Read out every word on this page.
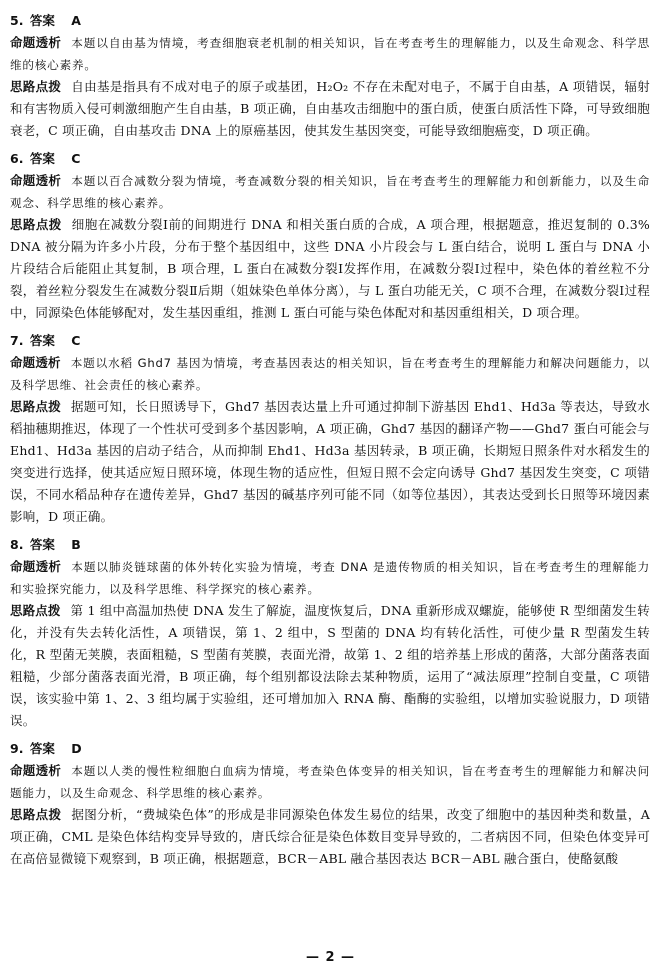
5. 答案 A
命题透析 本题以自由基为情境，考查细胞衰老机制的相关知识，旨在考查考生的理解能力，以及生命观念、科学思维的核心素养。
思路点拨 自由基是指具有不成对电子的原子或基团，H₂O₂ 不存在未配对电子，不属于自由基，A 项错误，辐射和有害物质入侵可刺激细胞产生自由基，B 项正确，自由基攻击细胞中的蛋白质，使蛋白质活性下降，可导致细胞衰老，C 项正确，自由基攻击 DNA 上的原癌基因，使其发生基因突变，可能导致细胞癌变，D 项正确。
6. 答案 C
命题透析 本题以百合减数分裂为情境，考查减数分裂的相关知识，旨在考查考生的理解能力和创新能力，以及生命观念、科学思维的核心素养。
思路点拨 细胞在减数分裂Ⅰ前的间期进行 DNA 和相关蛋白质的合成，A 项合理，根据题意，推迟复制的 0.3% DNA 被分隔为许多小片段，分布于整个基因组中，这些 DNA 小片段会与 L 蛋白结合，说明 L 蛋白与 DNA 小片段结合后能阻止其复制，B 项合理，L 蛋白在减数分裂Ⅰ发挥作用，在减数分裂Ⅰ过程中，染色体的着丝粒不分裂，着丝粒分裂发生在减数分裂Ⅱ后期（姐妹染色单体分离），与 L 蛋白功能无关，C 项不合理，在减数分裂Ⅰ过程中，同源染色体能够配对，发生基因重组，推测 L 蛋白可能与染色体配对和基因重组相关，D 项合理。
7. 答案 C
命题透析 本题以水稻 Ghd7 基因为情境，考查基因表达的相关知识，旨在考查考生的理解能力和解决问题能力，以及科学思维、社会责任的核心素养。
思路点拨 据题可知，长日照诱导下，Ghd7 基因表达量上升可通过抑制下游基因 Ehd1、Hd3a 等表达，导致水稻抽穗期推迟，体现了一个性状可受到多个基因影响，A 项正确，Ghd7 基因的翻译产物——Ghd7 蛋白可能会与 Ehd1、Hd3a 基因的启动子结合，从而抑制 Ehd1、Hd3a 基因转录，B 项正确，长期短日照条件对水稻发生的突变进行选择，使其适应短日照环境，体现生物的适应性，但短日照不会定向诱导 Ghd7 基因发生突变，C 项错误，不同水稻品种存在遗传差异，Ghd7 基因的碱基序列可能不同（如等位基因），其表达受到长日照等环境因素影响，D 项正确。
8. 答案 B
命题透析 本题以肺炎链球菌的体外转化实验为情境，考查 DNA 是遗传物质的相关知识，旨在考查考生的理解能力和实验探究能力，以及科学思维、科学探究的核心素养。
思路点拨 第 1 组中高温加热使 DNA 发生了解旋，温度恢复后，DNA 重新形成双螺旋，能够使 R 型细菌发生转化，并没有失去转化活性，A 项错误，第 1、2 组中，S 型菌的 DNA 均有转化活性，可使少量 R 型菌发生转化，R 型菌无荚膜，表面粗糙，S 型菌有荚膜，表面光滑，故第 1、2 组的培养基上形成的菌落，大部分菌落表面粗糙，少部分菌落表面光滑，B 项正确，每个组别都设法除去某种物质，运用了“减法原理”控制自变量，C 项错误，该实验中第 1、2、3 组均属于实验组，还可增加加入 RNA 酶、酯酶的实验组，以增加实验说服力，D 项错误。
9. 答案 D
命题透析 本题以人类的慢性粒细胞白血病为情境，考查染色体变异的相关知识，旨在考查考生的理解能力和解决问题能力，以及生命观念、科学思维的核心素养。
思路点拨 据图分析，“费城染色体”的形成是非同源染色体发生易位的结果，改变了细胞中的基因种类和数量，A 项正确，CML 是染色体结构变异导致的，唐氏综合征是染色体数目变异导致的，二者病因不同，但染色体变异可在高倍显微镜下观察到，B 项正确，根据题意，BCR－ABL 融合基因表达 BCR－ABL 融合蛋白，使酪氨酸
— 2 —
